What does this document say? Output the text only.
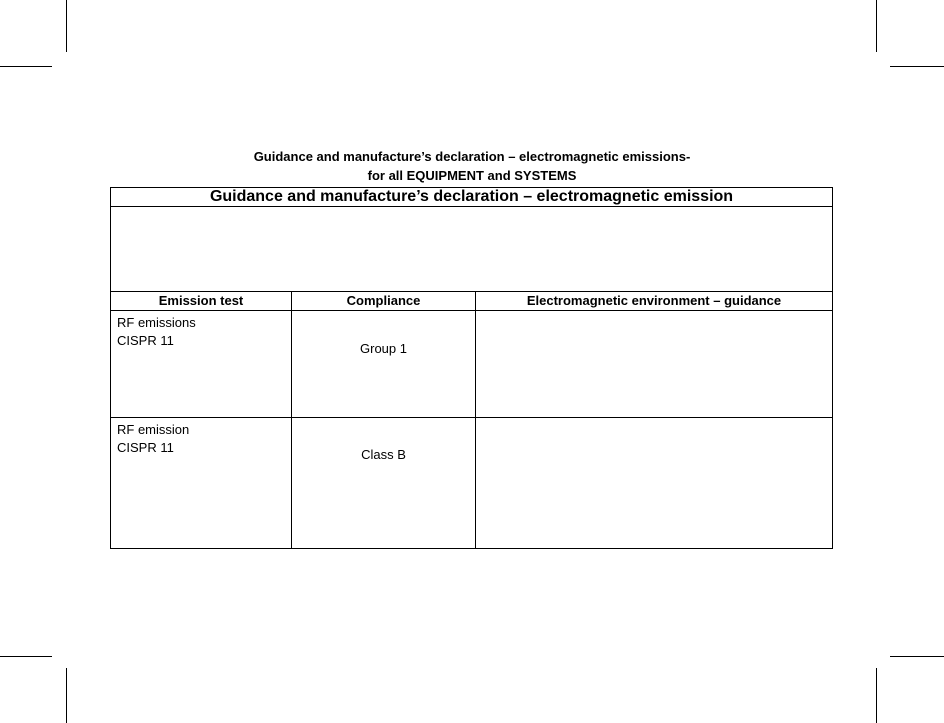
Guidance and manufacture’s declaration – electromagnetic emissions-
for all EQUIPMENT and SYSTEMS
Guidance and manufacture’s declaration – electromagnetic emission		

Emission test	Compliance	Electromagnetic environment – guidance

RF emissions
CISPR 11	Group 1	

RF emission
CISPR 11	Class B	
